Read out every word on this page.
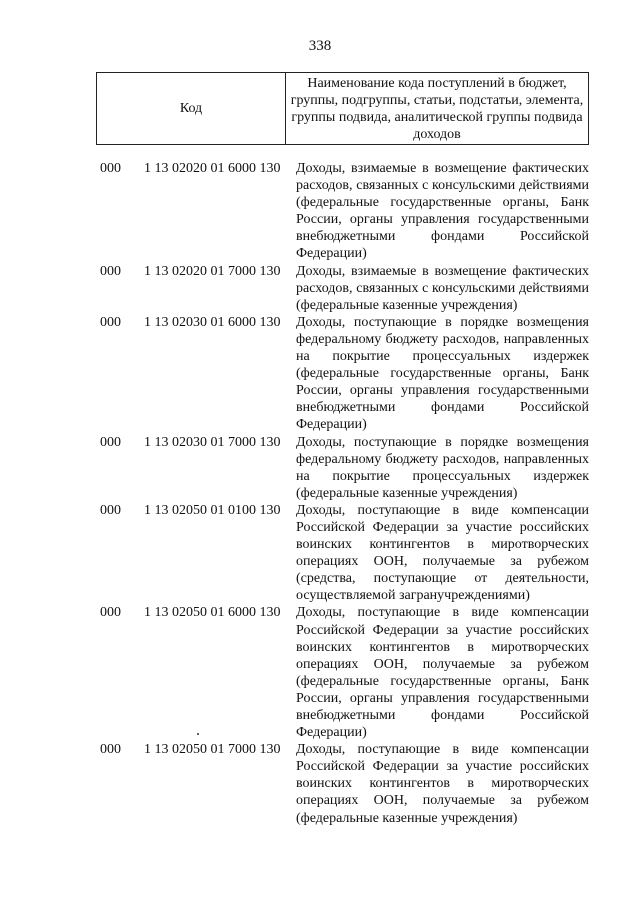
338
Код
Наименование кода поступлений в бюджет, группы, подгруппы, статьи, подстатьи, элемента, группы подвида, аналитической группы подвида доходов
000	1 13 02020 01 6000 130	Доходы, взимаемые в возмещение фактических расходов, связанных с консульскими действиями (федеральные государственные органы, Банк России, органы управления государственными внебюджетными фондами Российской Федерации)
000	1 13 02020 01 7000 130	Доходы, взимаемые в возмещение фактических расходов, связанных с консульскими действиями (федеральные казенные учреждения)
000	1 13 02030 01 6000 130	Доходы, поступающие в порядке возмещения федеральному бюджету расходов, направленных на покрытие процессуальных издержек (федеральные государственные органы, Банк России, органы управления государственными внебюджетными фондами Российской Федерации)
000	1 13 02030 01 7000 130	Доходы, поступающие в порядке возмещения федеральному бюджету расходов, направленных на покрытие процессуальных издержек (федеральные казенные учреждения)
000	1 13 02050 01 0100 130	Доходы, поступающие в виде компенсации Российской Федерации за участие российских воинских контингентов в миротворческих операциях ООН, получаемые за рубежом (средства, поступающие от деятельности, осуществляемой загранучреждениями)
000	1 13 02050 01 6000 130	Доходы, поступающие в виде компенсации Российской Федерации за участие российских воинских контингентов в миротворческих операциях ООН, получаемые за рубежом (федеральные государственные органы, Банк России, органы управления государственными внебюджетными фондами Российской Федерации)
000	1 13 02050 01 7000 130	Доходы, поступающие в виде компенсации Российской Федерации за участие российских воинских контингентов в миротворческих операциях ООН, получаемые за рубежом (федеральные казенные учреждения)
